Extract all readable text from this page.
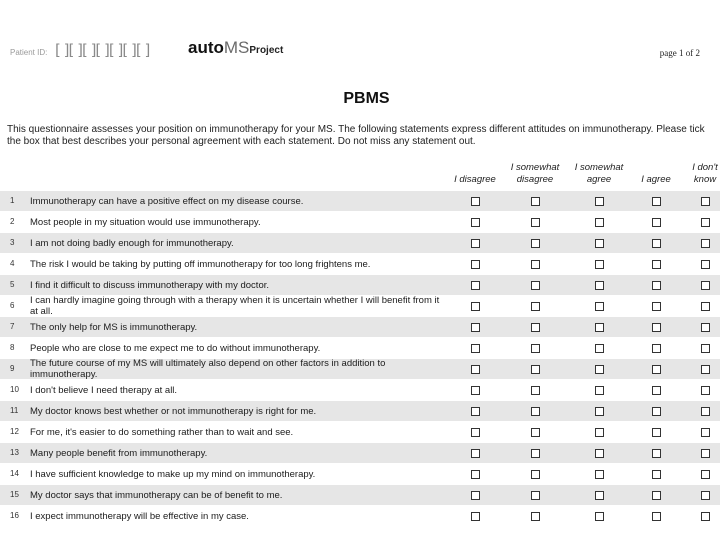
Patient ID: [ ][ ][ ][ ][ ][ ][ ] autoMSProject	page 1 of 2
PBMS
This questionnaire assesses your position on immunotherapy for your MS. The following statements express different attitudes on immunotherapy. Please tick the box that best describes your personal agreement with each statement. Do not miss any statement out.
I disagree
I somewhat disagree
I somewhat agree	I agree
I don't know
1 Immunotherapy can have a positive effect on my disease course.
2 Most people in my situation would use immunotherapy.
3 I am not doing badly enough for immunotherapy.
4 The risk I would be taking by putting off immunotherapy for too long frightens me.
5 I find it difficult to discuss immunotherapy with my doctor.
6 I can hardly imagine going through with a therapy when it is uncertain whether I will benefit from it at all.
7 The only help for MS is immunotherapy.
8 People who are close to me expect me to do without immunotherapy.
9 The future course of my MS will ultimately also depend on other factors in addition to immunotherapy.
10 I don't believe I need therapy at all.
11 My doctor knows best whether or not immunotherapy is right for me.
12 For me, it's easier to do something rather than to wait and see.
13 Many people benefit from immunotherapy.
14 I have sufficient knowledge to make up my mind on immunotherapy.
15 My doctor says that immunotherapy can be of benefit to me.
16 I expect immunotherapy will be effective in my case.
